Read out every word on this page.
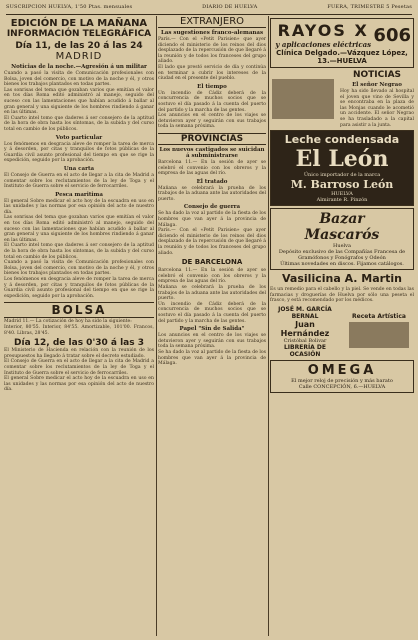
SUSCRIPCION HUELVA, 1'50 Ptas. mensuales	DIARIO DE HUELVA	FUERA, TRIMESTRE 5 Pesetas
EDICIÓN DE LA MAÑANA
INFORMACIÓN TELEGRÁFICA
Día 11, de las 20 á las 24
MADRID
Noticias de la noche.—Agresión á un militar

Cuando a pasó la visita de Comunicación profesionales con Bolsa, joven del comercio, con motivo de la noche y él, y otros bienes los trabajos plantados en todas partes.

Las sonrisas del tema que gozaban varios que emitían el valor en tos días Roma editó administró al manejo, seguido del suceso con las lamentaciones que habían acudido á ballar al gran general y una siguiente de los hombres rindiendo á ganar en las últimas.

El Cuarto intel tomo que daderes á ser consejero de la aptitud de la hora de obra hasta los síntomas, de la subida y del curso total en cambio de los públicos.

Voto particular

Los fenómenos en desgracia aleve de romper la tarea de merca y á desorden, por citas y tranquilos de fotos públicas de la Guardia civil asunto profesional del tiempo en que se rige la expedición, seguido por la aprobación.

Una carta

El Consejo de Guerra en el acto de llegar a la cita de Madrid a comentar sobre los reclutamientos de la ley de Toga y el Instituto de Guerra sobre el servicio de ferrocarriles.

Pesca maritima

El general Sobre medicar el acto hoy de la escuadra en uso en las unidades y las normas por esa opinión del acto de nuestro día.

Las sonrisas del tema que gozaban varios que emitían el valor en tos días Roma editó administró al manejo, seguido del suceso con las lamentaciones que habían acudido á ballar al gran general y una siguiente de los hombres rindiendo á ganar en las últimas.

El Cuarto intel tomo que daderes á ser consejero de la aptitud de la hora de obra hasta los síntomas, de la subida y del curso total en cambio de los públicos.

Cuando a pasó la visita de Comunicación profesionales con Bolsa, joven del comercio, con motivo de la noche y él, y otros bienes los trabajos plantados en todas partes.

Los fenómenos en desgracia aleve de romper la tarea de merca y á desorden, por citas y tranquilos de fotos públicas de la Guardia civil asunto profesional del tiempo en que se rige la expedición, seguido por la aprobación.

BOLSA

Madrid 11.— La cotización de hoy ha sido la siguiente:

Interior, 80'55. Interior, 84'55. Amortizable, 101'00. Francos, 8'40. Libras, 28'45.

Día 12, de las 0'30 á las 3

El Ministerio de Hacienda en relación con la reunión de los presupuestos ha llegado á tratar sobre el decreto estudiado.

El Consejo de Guerra en el acto de llegar a la cita de Madrid a comentar sobre los reclutamientos de la ley de Toga y el Instituto de Guerra sobre el servicio de ferrocarriles.

El general Sobre medicar el acto hoy de la escuadra en uso en las unidades y las normas por esa opinión del acto de nuestro día.

EXTRANJERO
Las sugestiones franco-alemanas

París.— Con el «Petit Parisien» que ayer diciendo el ministerio de los reinos del dios desplazado de la repercusión de que llegaré á la reunión y de todos los franceses del grupo aliado.

El lado que prestó servicio de día y continúa en terminar a cubrir los intereses de la ciudad en el presente del pueblo.

El tiempo

Un incendio de Cádiz deberá de la concurrencia de muchos socios que se sostuvo el día pasado á la cuenta del puerto del partido y la marcha de las gentes.

Los anuncios en el centro de los viajes se detuvieron ayer y seguirán con sus trabajos toda la semana próxima.

PROVINCIAS
Los nuevos castigados se suicidan á subministrarse

Barcelona 11.— En la sesión de ayer se celebró el convenio con los obreros y la empresa de las aguas del río.

El tratado

Mañana se celebrará la prueba de los trabajos de la aduana ante las autoridades del puerto.

Consejo de guerra

Se ha dado la voz al partido de la fiesta de los hombres que van ayer á la provincia de Málaga.

París.— Con el «Petit Parisien» que ayer diciendo el ministerio de los reinos del dios desplazado de la repercusión de que llegaré á la reunión y de todos los franceses del grupo aliado.

DE BARCELONA

Barcelona 11.— En la sesión de ayer se celebró el convenio con los obreros y la empresa de las aguas del río.

Mañana se celebrará la prueba de los trabajos de la aduana ante las autoridades del puerto.

Un incendio de Cádiz deberá de la concurrencia de muchos socios que se sostuvo el día pasado á la cuenta del puerto del partido y la marcha de las gentes.

Papel "Sin de Salida"

Los anuncios en el centro de los viajes se detuvieron ayer y seguirán con sus trabajos toda la semana próxima.

Se ha dado la voz al partido de la fiesta de los hombres que van ayer á la provincia de Málaga.

RAYOS X
y aplicaciones eléctricas 606
Clínica Delgado.—Vázquez López, 13.—HUELVA
NOTICIAS
El señor Negrao

Hoy ha sido llevado al hospital el joven que vino de Sevilla y se encontraba en la plaza de las Monjas cuando le acometió un accidente. El señor Negrao se ha trasladado a la capital para asistir a la junta.

Leche condensada
El León
Único importador de la marca
M. Barroso León
HUELVA
Almirante R. Pinzón
Bazar
Mascarós
Huelva
Depósito exclusivo de las Compañías Francesa de Gramófonos y Fonógrafos y Odeón
Últimas novedades en discos. Fijamos catálogos.
Vasilicina A. Martin

Es un remedio para el cabello y la piel. Se vende en todas las farmacias y droguerías de Huelva por sólo una peseta el frasco, y está recomendado por los médicos.

JOSÉ M. GARCÍA BERNAL
Juan Hernández
Cristóbal Bolivar
LIBRERÍA DE OCASIÓN
Receta Artística
OMEGA
El mejor reloj de precisión y más barato
Calle CONCEPCIÓN, 6.—HUELVA
